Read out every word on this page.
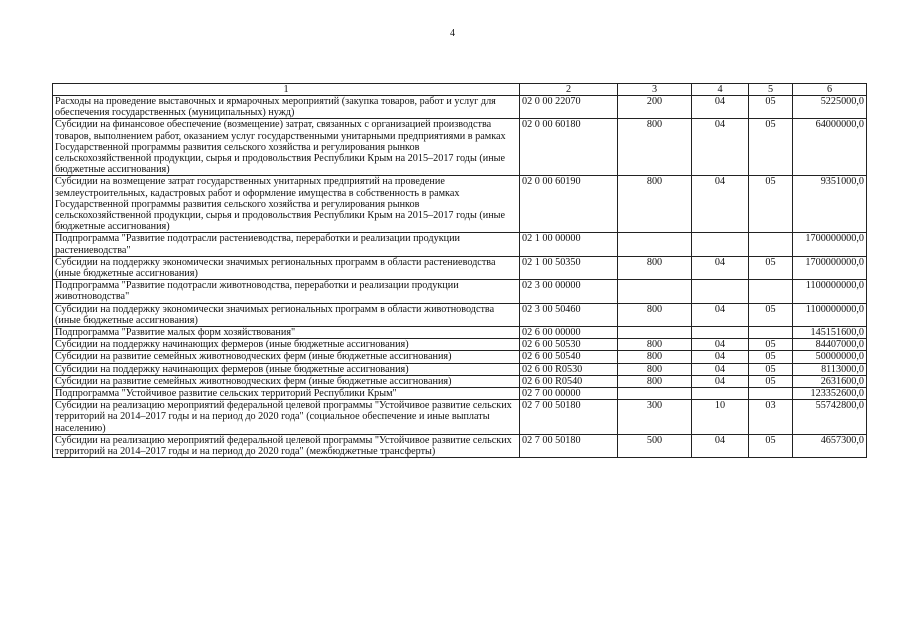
4
1	2	3	4	5	6
Расходы на проведение выставочных и ярмарочных мероприятий (закупка товаров, работ и услуг для обеспечения государственных (муниципальных) нужд)	02 0 00 22070	200	04	05	5225000,0
Субсидии на финансовое обеспечение (возмещение) затрат, связанных с организацией производства товаров, выполнением работ, оказанием услуг государственными унитарными предприятиями в рамках Государственной программы развития сельского хозяйства и регулирования рынков сельскохозяйственной продукции, сырья и продовольствия Республики Крым на 2015–2017 годы (иные бюджетные ассигнования)	02 0 00 60180	800	04	05	64000000,0
Субсидии на возмещение затрат государственных унитарных предприятий на проведение землеустроительных, кадастровых работ и оформление имущества в собственность в рамках Государственной программы развития сельского хозяйства и регулирования рынков сельскохозяйственной продукции, сырья и продовольствия Республики Крым на 2015–2017 годы (иные бюджетные ассигнования)	02 0 00 60190	800	04	05	9351000,0
Подпрограмма "Развитие подотрасли растениеводства, переработки и реализации продукции растениеводства"	02 1 00 00000				1700000000,0
Субсидии на поддержку экономически значимых региональных программ в области растениеводства (иные бюджетные ассигнования)	02 1 00 50350	800	04	05	1700000000,0
Подпрограмма "Развитие подотрасли животноводства, переработки и реализации продукции животноводства"	02 3 00 00000				1100000000,0
Субсидии на поддержку экономически значимых региональных программ в области животноводства (иные бюджетные ассигнования)	02 3 00 50460	800	04	05	1100000000,0
Подпрограмма "Развитие малых форм хозяйствования"	02 6 00 00000				145151600,0
Субсидии на поддержку начинающих фермеров (иные бюджетные ассигнования)	02 6 00 50530	800	04	05	84407000,0
Субсидии на развитие семейных животноводческих ферм (иные бюджетные ассигнования)	02 6 00 50540	800	04	05	50000000,0
Субсидии на поддержку начинающих фермеров (иные бюджетные ассигнования)	02 6 00 R0530	800	04	05	8113000,0
Субсидии на развитие семейных животноводческих ферм (иные бюджетные ассигнования)	02 6 00 R0540	800	04	05	2631600,0
Подпрограмма "Устойчивое развитие сельских территорий Республики Крым"	02 7 00 00000				123352600,0
Субсидии на реализацию мероприятий федеральной целевой программы "Устойчивое развитие сельских территорий на 2014–2017 годы и на период до 2020 года" (социальное обеспечение и иные выплаты населению)	02 7 00 50180	300	10	03	55742800,0
Субсидии на реализацию мероприятий федеральной целевой программы "Устойчивое развитие сельских территорий на 2014–2017 годы и на период до 2020 года" (межбюджетные трансферты)	02 7 00 50180	500	04	05	4657300,0
